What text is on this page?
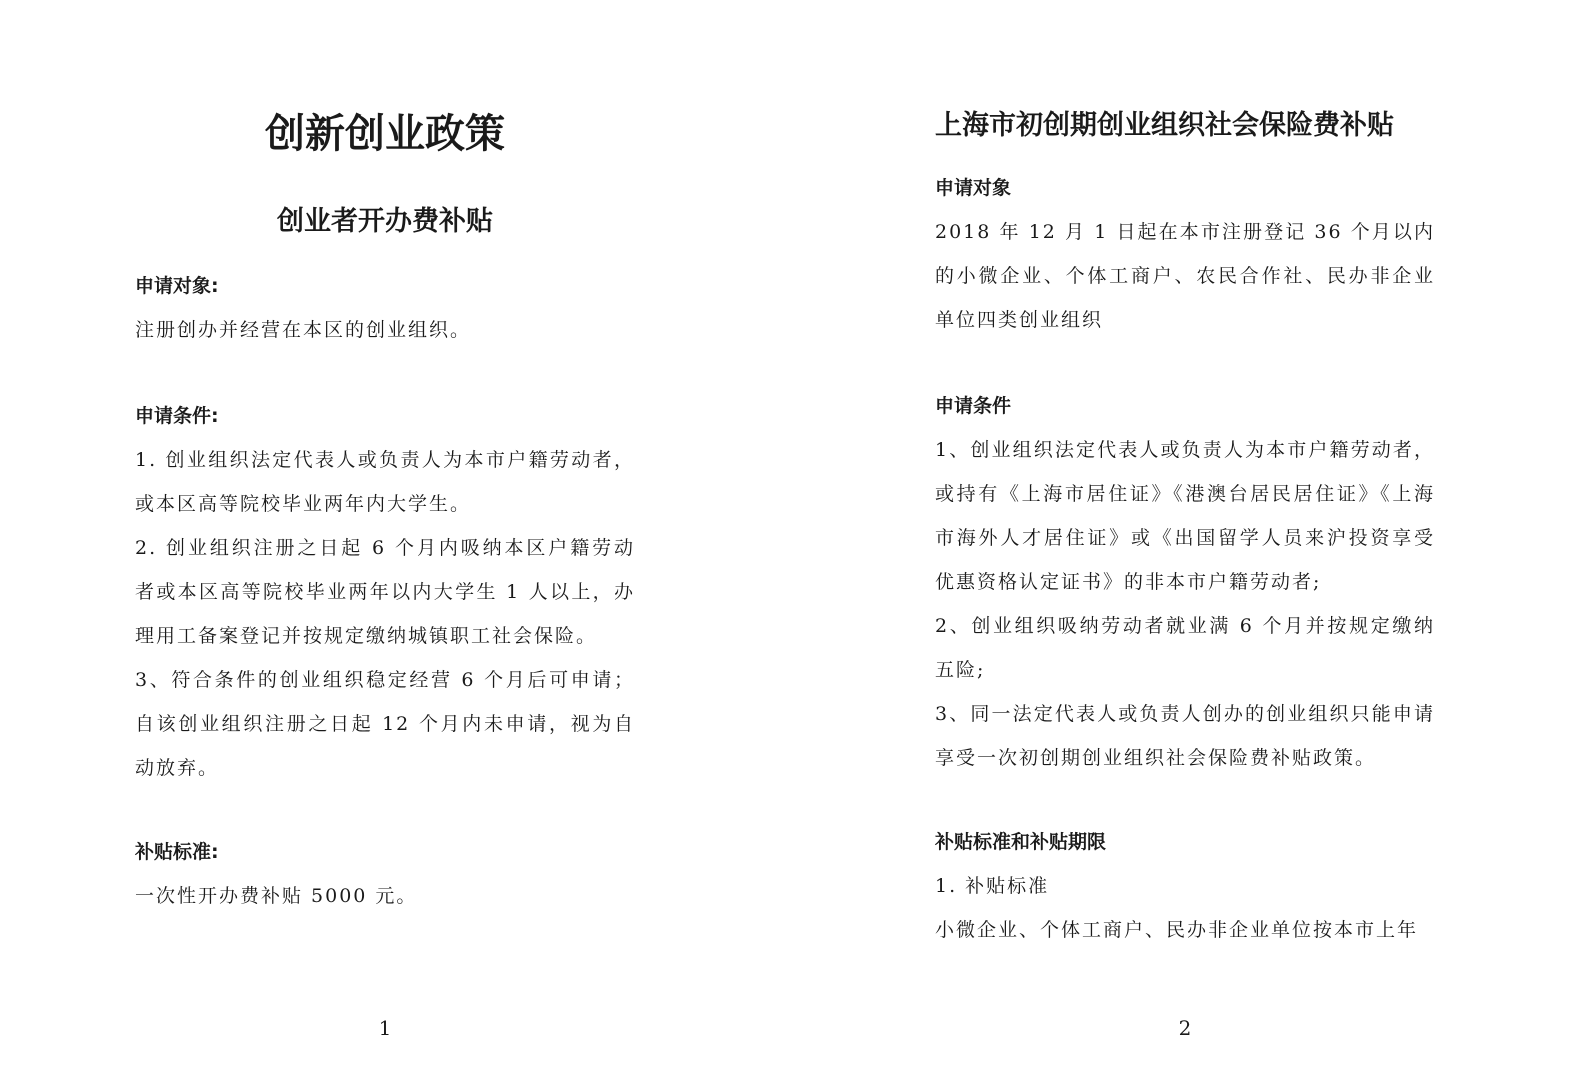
创新创业政策
创业者开办费补贴

申请对象:

注册创办并经营在本区的创业组织。

申请条件:

1. 创业组织法定代表人或负责人为本市户籍劳动者，或本区高等院校毕业两年内大学生。

2. 创业组织注册之日起 6 个月内吸纳本区户籍劳动者或本区高等院校毕业两年以内大学生 1 人以上，办理用工备案登记并按规定缴纳城镇职工社会保险。

3、符合条件的创业组织稳定经营 6 个月后可申请；自该创业组织注册之日起 12 个月内未申请，视为自动放弃。

补贴标准:

一次性开办费补贴 5000 元。

1
上海市初创期创业组织社会保险费补贴

申请对象

2018 年 12 月 1 日起在本市注册登记 36 个月以内的小微企业、个体工商户、农民合作社、民办非企业单位四类创业组织

申请条件

1、创业组织法定代表人或负责人为本市户籍劳动者，或持有《上海市居住证》《港澳台居民居住证》《上海市海外人才居住证》或《出国留学人员来沪投资享受优惠资格认定证书》的非本市户籍劳动者;

2、创业组织吸纳劳动者就业满 6 个月并按规定缴纳五险;

3、同一法定代表人或负责人创办的创业组织只能申请享受一次初创期创业组织社会保险费补贴政策。

补贴标准和补贴期限

1. 补贴标准

小微企业、个体工商户、民办非企业单位按本市上年

2
